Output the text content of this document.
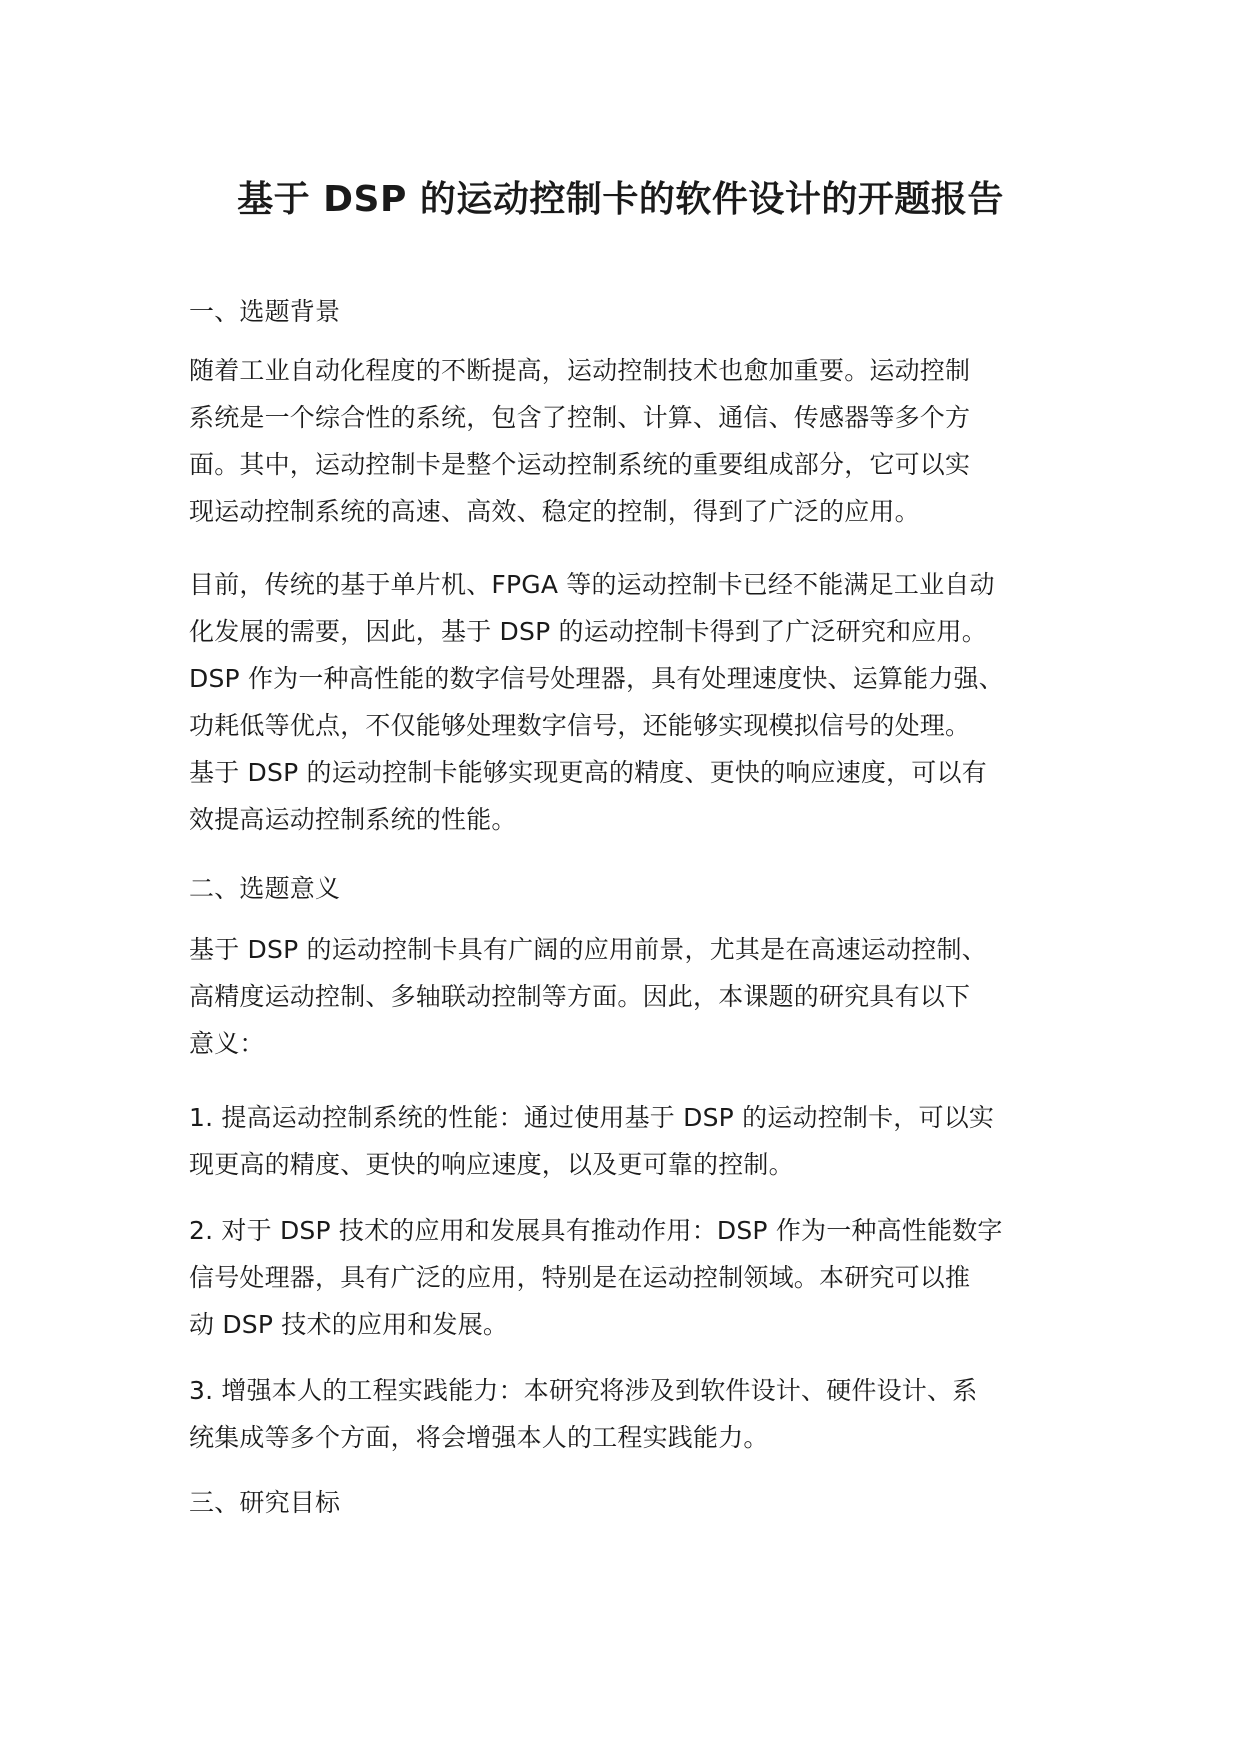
基于 DSP 的运动控制卡的软件设计的开题报告
一、选题背景
随着工业自动化程度的不断提高，运动控制技术也愈加重要。运动控制
系统是一个综合性的系统，包含了控制、计算、通信、传感器等多个方
面。其中，运动控制卡是整个运动控制系统的重要组成部分，它可以实
现运动控制系统的高速、高效、稳定的控制，得到了广泛的应用。
目前，传统的基于单片机、FPGA 等的运动控制卡已经不能满足工业自动
化发展的需要，因此，基于 DSP 的运动控制卡得到了广泛研究和应用。
DSP 作为一种高性能的数字信号处理器，具有处理速度快、运算能力强、
功耗低等优点，不仅能够处理数字信号，还能够实现模拟信号的处理。
基于 DSP 的运动控制卡能够实现更高的精度、更快的响应速度，可以有
效提高运动控制系统的性能。
二、选题意义
基于 DSP 的运动控制卡具有广阔的应用前景，尤其是在高速运动控制、
高精度运动控制、多轴联动控制等方面。因此，本课题的研究具有以下
意义：
1. 提高运动控制系统的性能：通过使用基于 DSP 的运动控制卡，可以实
现更高的精度、更快的响应速度，以及更可靠的控制。
2. 对于 DSP 技术的应用和发展具有推动作用：DSP 作为一种高性能数字
信号处理器，具有广泛的应用，特别是在运动控制领域。本研究可以推
动 DSP 技术的应用和发展。
3. 增强本人的工程实践能力：本研究将涉及到软件设计、硬件设计、系
统集成等多个方面，将会增强本人的工程实践能力。
三、研究目标
